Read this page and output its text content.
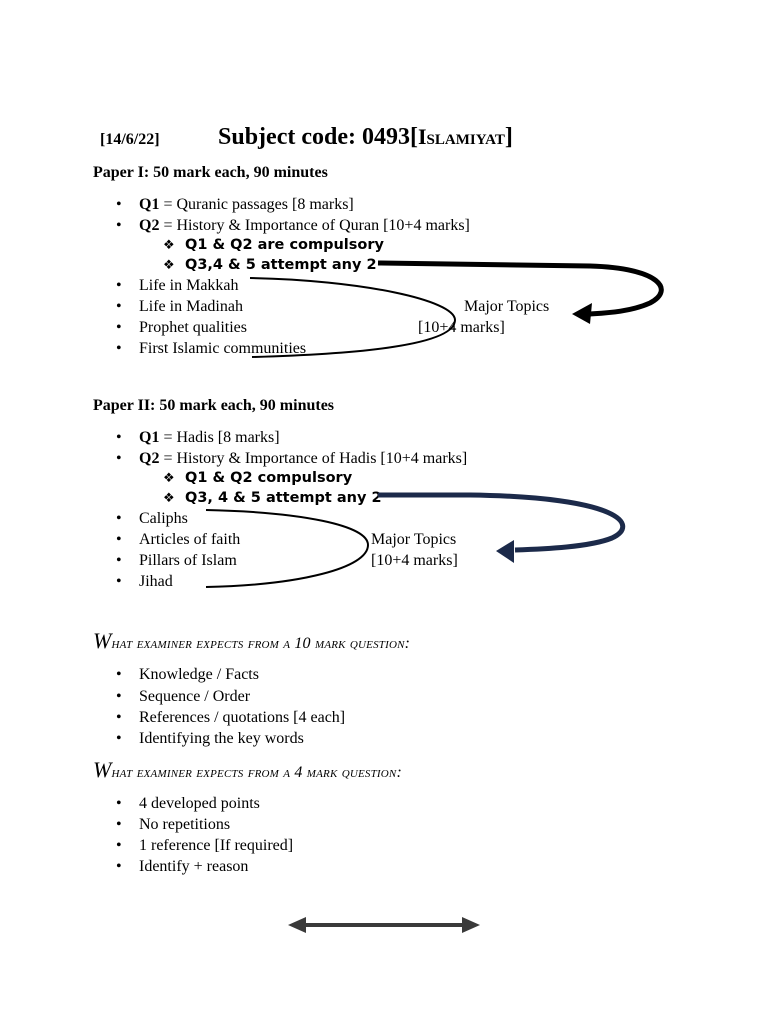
[14/6/22] Subject code: 0493[Islamiyat]
Paper I: 50 mark each, 90 minutes
•Q1 = Quranic passages [8 marks]
•Q2 = History & Importance of Quran [10+4 marks]
❖ Q1 & Q2 are compulsory
❖ Q3,4 & 5 attempt any 2
•Life in Makkah
•Life in Madinah
•Prophet qualities
•First Islamic communities
Major Topics
[10+4 marks]
Paper II: 50 mark each, 90 minutes
•Q1 = Hadis [8 marks]
•Q2 = History & Importance of Hadis [10+4 marks]
❖ Q1 & Q2 compulsory
❖ Q3, 4 & 5 attempt any 2
•Caliphs
•Articles of faith
•Pillars of Islam
•Jihad
Major Topics
[10+4 marks]
What examiner expects from a 10 mark question:
•Knowledge / Facts
•Sequence / Order
•References / quotations [4 each]
•Identifying the key words
What examiner expects from a 4 mark question:
•4 developed points
•No repetitions
•1 reference [If required]
•Identify + reason
